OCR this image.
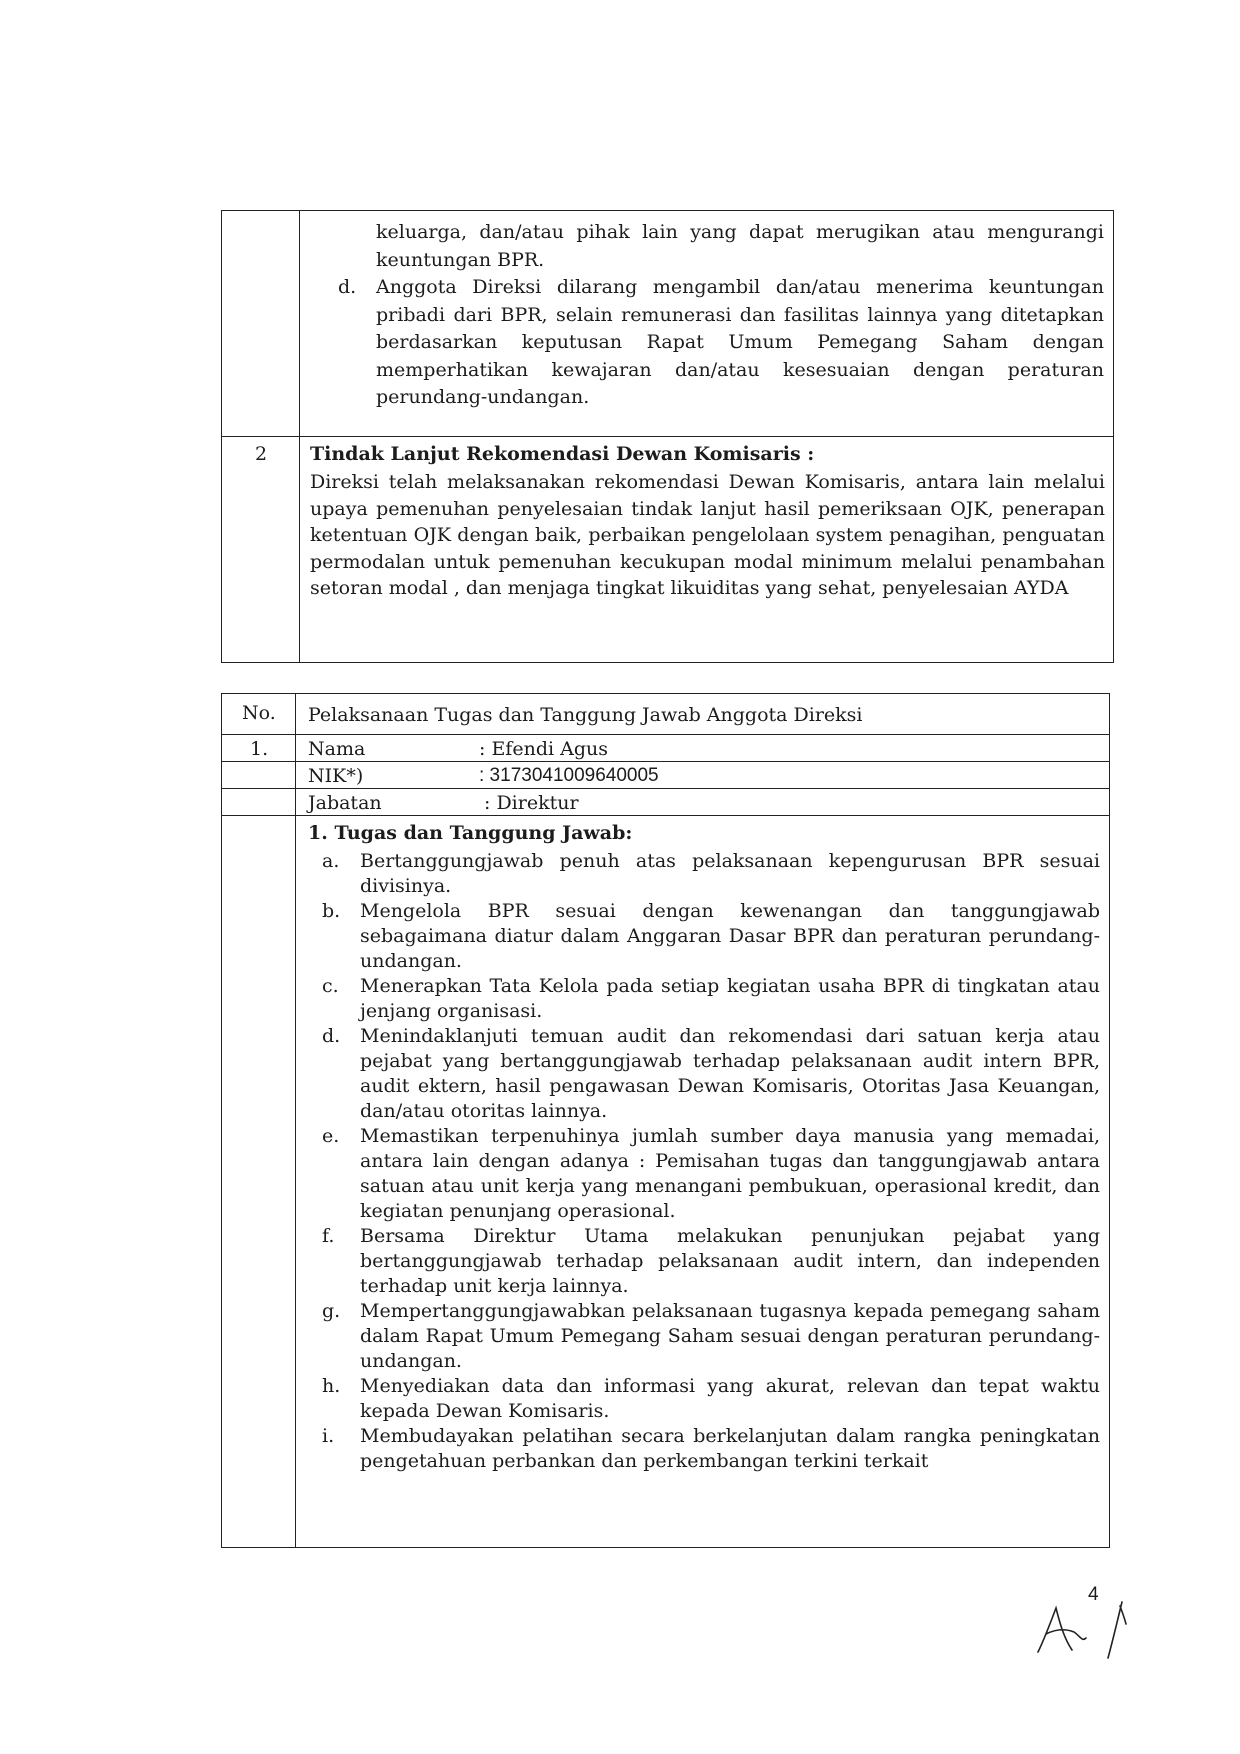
keluarga, dan/atau pihak lain yang dapat merugikan atau mengurangi keuntungan BPR.
d.	Anggota Direksi dilarang mengambil dan/atau menerima keuntungan pribadi dari BPR, selain remunerasi dan fasilitas lainnya yang ditetapkan berdasarkan keputusan Rapat Umum Pemegang Saham dengan memperhatikan kewajaran dan/atau kesesuaian dengan peraturan perundang-undangan.
2 Tindak Lanjut Rekomendasi Dewan Komisaris :
Direksi telah melaksanakan rekomendasi Dewan Komisaris, antara lain melalui upaya pemenuhan penyelesaian tindak lanjut hasil pemeriksaan OJK, penerapan ketentuan OJK dengan baik, perbaikan pengelolaan system penagihan, penguatan permodalan untuk pemenuhan kecukupan modal minimum melalui penambahan setoran modal , dan menjaga tingkat likuiditas yang sehat, penyelesaian AYDA
No. Pelaksanaan Tugas dan Tanggung Jawab Anggota Direksi
1. Nama	: Efendi Agus
NIK*)	: 3173041009640005
Jabatan	: Direktur
1. Tugas dan Tanggung Jawab:
a.	Bertanggungjawab penuh atas pelaksanaan kepengurusan BPR sesuai divisinya.
b.	Mengelola BPR sesuai dengan kewenangan dan tanggungjawab sebagaimana diatur dalam Anggaran Dasar BPR dan peraturan perundang-undangan.
c.	Menerapkan Tata Kelola pada setiap kegiatan usaha BPR di tingkatan atau jenjang organisasi.
d.	Menindaklanjuti temuan audit dan rekomendasi dari satuan kerja atau pejabat yang bertanggungjawab terhadap pelaksanaan audit intern BPR, audit ektern, hasil pengawasan Dewan Komisaris, Otoritas Jasa Keuangan, dan/atau otoritas lainnya.
e.	Memastikan terpenuhinya jumlah sumber daya manusia yang memadai, antara lain dengan adanya : Pemisahan tugas dan tanggungjawab antara satuan atau unit kerja yang menangani pembukuan, operasional kredit, dan kegiatan penunjang operasional.
f.	Bersama Direktur Utama melakukan penunjukan pejabat yang bertanggungjawab terhadap pelaksanaan audit intern, dan independen terhadap unit kerja lainnya.
g.	Mempertanggungjawabkan pelaksanaan tugasnya kepada pemegang saham dalam Rapat Umum Pemegang Saham sesuai dengan peraturan perundang-undangan.
h.	Menyediakan data dan informasi yang akurat, relevan dan tepat waktu kepada Dewan Komisaris.
i.	Membudayakan pelatihan secara berkelanjutan dalam rangka peningkatan pengetahuan perbankan dan perkembangan terkini terkait
4
